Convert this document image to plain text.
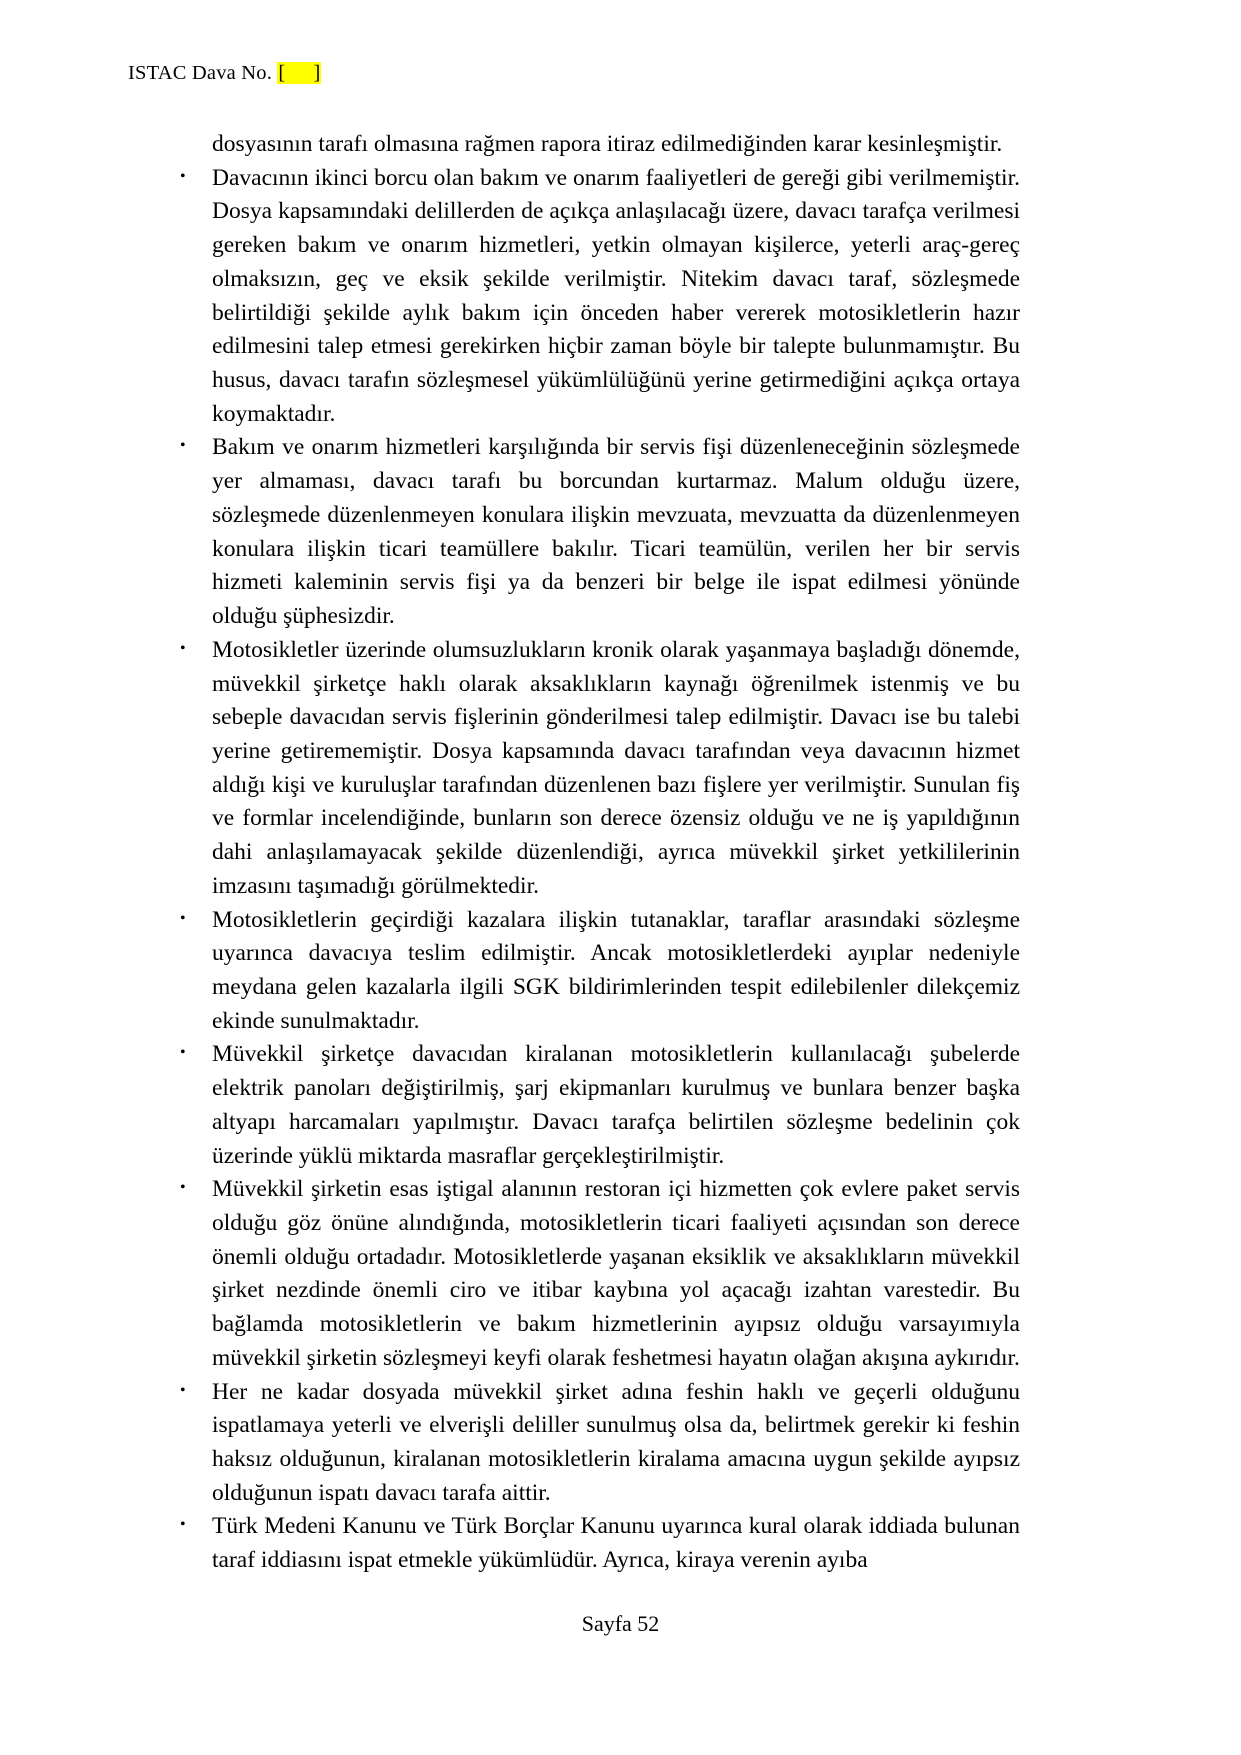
ISTAC Dava No. [ ]

dosyasının tarafı olmasına rağmen rapora itiraz edilmediğinden karar kesinleşmiştir.

• Davacının ikinci borcu olan bakım ve onarım faaliyetleri de gereği gibi verilmemiştir. Dosya kapsamındaki delillerden de açıkça anlaşılacağı üzere, davacı tarafça verilmesi gereken bakım ve onarım hizmetleri, yetkin olmayan kişilerce, yeterli araç-gereç olmaksızın, geç ve eksik şekilde verilmiştir. Nitekim davacı taraf, sözleşmede belirtildiği şekilde aylık bakım için önceden haber vererek motosikletlerin hazır edilmesini talep etmesi gerekirken hiçbir zaman böyle bir talepte bulunmamıştır. Bu husus, davacı tarafın sözleşmesel yükümlülüğünü yerine getirmediğini açıkça ortaya koymaktadır.
• Bakım ve onarım hizmetleri karşılığında bir servis fişi düzenleneceğinin sözleşmede yer almaması, davacı tarafı bu borcundan kurtarmaz. Malum olduğu üzere, sözleşmede düzenlenmeyen konulara ilişkin mevzuata, mevzuatta da düzenlenmeyen konulara ilişkin ticari teamüllere bakılır. Ticari teamülün, verilen her bir servis hizmeti kaleminin servis fişi ya da benzeri bir belge ile ispat edilmesi yönünde olduğu şüphesizdir.
• Motosikletler üzerinde olumsuzlukların kronik olarak yaşanmaya başladığı dönemde, müvekkil şirketçe haklı olarak aksaklıkların kaynağı öğrenilmek istenmiş ve bu sebeple davacıdan servis fişlerinin gönderilmesi talep edilmiştir. Davacı ise bu talebi yerine getirememiştir. Dosya kapsamında davacı tarafından veya davacının hizmet aldığı kişi ve kuruluşlar tarafından düzenlenen bazı fişlere yer verilmiştir. Sunulan fiş ve formlar incelendiğinde, bunların son derece özensiz olduğu ve ne iş yapıldığının dahi anlaşılamayacak şekilde düzenlendiği, ayrıca müvekkil şirket yetkililerinin imzasını taşımadığı görülmektedir.
• Motosikletlerin geçirdiği kazalara ilişkin tutanaklar, taraflar arasındaki sözleşme uyarınca davacıya teslim edilmiştir. Ancak motosikletlerdeki ayıplar nedeniyle meydana gelen kazalarla ilgili SGK bildirimlerinden tespit edilebilenler dilekçemiz ekinde sunulmaktadır.
• Müvekkil şirketçe davacıdan kiralanan motosikletlerin kullanılacağı şubelerde elektrik panoları değiştirilmiş, şarj ekipmanları kurulmuş ve bunlara benzer başka altyapı harcamaları yapılmıştır. Davacı tarafça belirtilen sözleşme bedelinin çok üzerinde yüklü miktarda masraflar gerçekleştirilmiştir.
• Müvekkil şirketin esas iştigal alanının restoran içi hizmetten çok evlere paket servis olduğu göz önüne alındığında, motosikletlerin ticari faaliyeti açısından son derece önemli olduğu ortadadır. Motosikletlerde yaşanan eksiklik ve aksaklıkların müvekkil şirket nezdinde önemli ciro ve itibar kaybına yol açacağı izahtan varestedir. Bu bağlamda motosikletlerin ve bakım hizmetlerinin ayıpsız olduğu varsayımıyla müvekkil şirketin sözleşmeyi keyfi olarak feshetmesi hayatın olağan akışına aykırıdır.
• Her ne kadar dosyada müvekkil şirket adına feshin haklı ve geçerli olduğunu ispatlamaya yeterli ve elverişli deliller sunulmuş olsa da, belirtmek gerekir ki feshin haksız olduğunun, kiralanan motosikletlerin kiralama amacına uygun şekilde ayıpsız olduğunun ispatı davacı tarafa aittir.
• Türk Medeni Kanunu ve Türk Borçlar Kanunu uyarınca kural olarak iddiada bulunan taraf iddiasını ispat etmekle yükümlüdür. Ayrıca, kiraya verenin ayıba
Sayfa 52
